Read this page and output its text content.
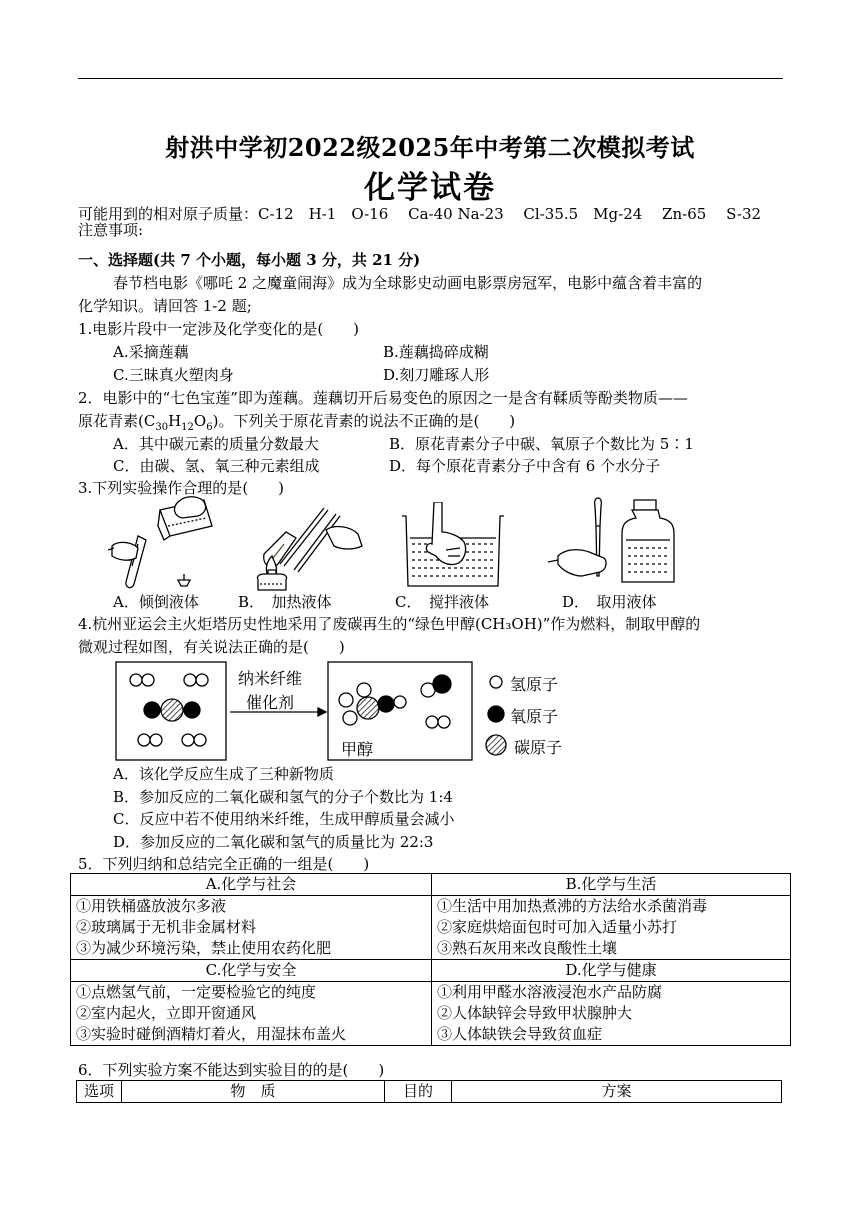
射洪中学初2022级2025年中考第二次模拟考试
化学试卷
可能用到的相对原子质量：C-12　H-1　O-16　 Ca-40 Na-23　 Cl-35.5　Mg-24　 Zn-65　 S-32
注意事项:
一、选择题(共 7 个小题，每小题 3 分，共 21 分)
春节档电影《哪吒 2 之魔童闹海》成为全球影史动画电影票房冠军，电影中蕴含着丰富的
化学知识。请回答 1-2 题;
1.电影片段中一定涉及化学变化的是(　　)
A.采摘莲藕	B.莲藕捣碎成糊
C.三昧真火塑肉身	D.刻刀雕琢人形
2．电影中的“七色宝莲”即为莲藕。莲藕切开后易变色的原因之一是含有鞣质等酚类物质——
原花青素$(C_{30}H_{12}O_6)$。下列关于原花青素的说法不正确的是(　　)
A．其中碳元素的质量分数最大	B．原花青素分子中碳、氧原子个数比为 5∶1
C．由碳、氢、氧三种元素组成	D．每个原花青素分子中含有 6 个水分子
3.下列实验操作合理的是(　　)
A．倾倒液体	B．　加热液体	C．　搅拌液体	D．　取用液体
4.杭州亚运会主火炬塔历史性地采用了废碳再生的“绿色甲醇(CH₃OH)”作为燃料，制取甲醇的
微观过程如图，有关说法正确的是(　　)
纳米纤维
催化剂
甲醇
氢原子
氧原子
碳原子
A．该化学反应生成了三种新物质
B．参加反应的二氧化碳和氢气的分子个数比为 1:4
C．反应中若不使用纳米纤维，生成甲醇质量会减小
D．参加反应的二氧化碳和氢气的质量比为 22:3
5．下列归纳和总结完全正确的一组是(　　)
A.化学与社会	B.化学与生活
①用铁桶盛放波尔多液	①生活中用加热煮沸的方法给水杀菌消毒
②玻璃属于无机非金属材料	②家庭烘焙面包时可加入适量小苏打
③为减少环境污染，禁止使用农药化肥	③熟石灰用来改良酸性土壤
C.化学与安全	D.化学与健康
①点燃氢气前，一定要检验它的纯度	①利用甲醛水溶液浸泡水产品防腐
②室内起火，立即开窗通风	②人体缺锌会导致甲状腺肿大
③实验时碰倒酒精灯着火，用湿抹布盖火	③人体缺铁会导致贫血症
6．下列实验方案不能达到实验目的的是(　　)
选项	物　质	目的	方案
